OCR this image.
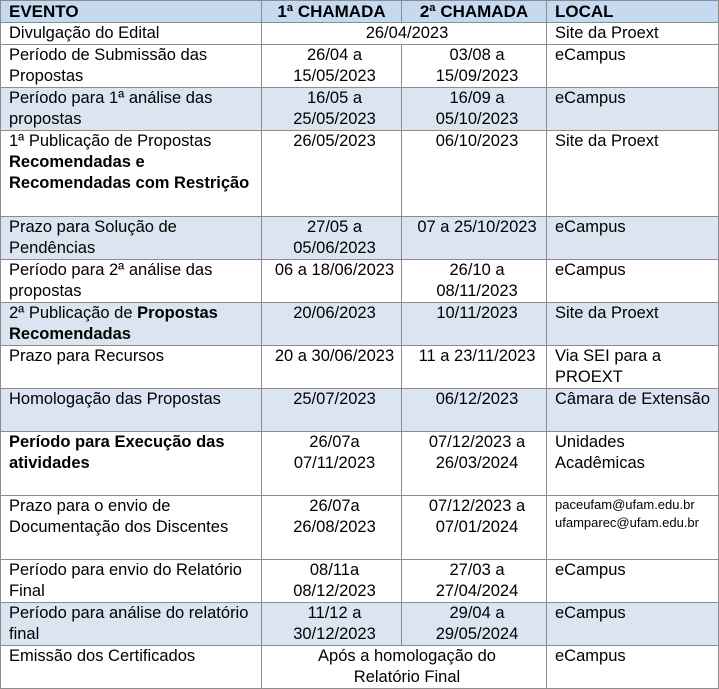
EVENTO	1ª CHAMADA	2ª CHAMADA	LOCAL
Divulgação do Edital	26/04/2023		Site da Proext
Período de Submissão das Propostas	26/04 a 15/05/2023	03/08 a 15/09/2023	eCampus
Período para 1ª análise das propostas	16/05 a 25/05/2023	16/09 a 05/10/2023	eCampus

1ª Publicação de Propostas
Recomendadas e Recomendadas com Restrição	26/05/2023	06/10/2023	Site da Proext
Prazo para Solução de Pendências	27/05 a 05/06/2023	07 a 25/10/2023	eCampus
Período para 2ª análise das propostas	06 a 18/06/2023	26/10 a 08/11/2023	eCampus
2ª Publicação de Propostas Recomendadas	20/06/2023	10/11/2023	Site da Proext
Prazo para Recursos	20 a 30/06/2023	11 a 23/11/2023	Via SEI para a PROEXT
Homologação das Propostas	25/07/2023	06/12/2023	Câmara de Extensão
Período para Execução das atividades	26/07a 07/11/2023	07/12/2023 a 26/03/2024	Unidades Acadêmicas
Prazo para o envio de Documentação dos Discentes	26/07a 26/08/2023	07/12/2023 a 07/01/2024	paceufam@ufam.edu.br
ufamparec@ufam.edu.br

Período para envio do Relatório Final	08/11a 08/12/2023	27/03 a 27/04/2024	eCampus
Período para análise do relatório final	11/12 a 30/12/2023	29/04 a 29/05/2024	eCampus
Emissão dos Certificados	Após a homologação do Relatório Final		eCampus
